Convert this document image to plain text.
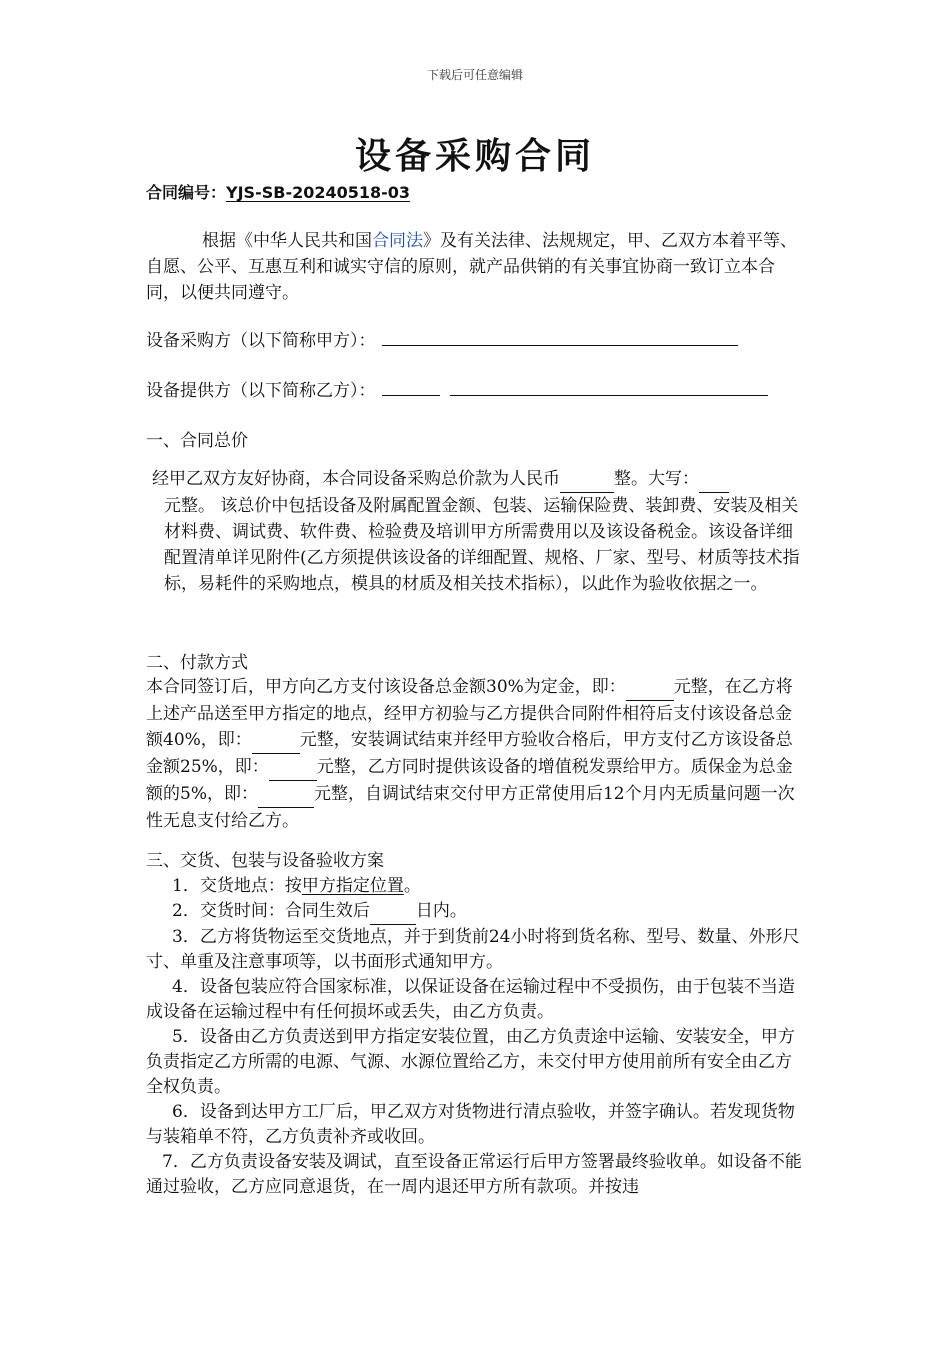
下载后可任意编辑
设备采购合同
合同编号：YJS-SB-20240518-03
根据《中华人民共和国合同法》及有关法律、法规规定，甲、乙双方本着平等、自愿、公平、互惠互利和诚实守信的原则，就产品供销的有关事宜协商一致订立本合同，以便共同遵守。
设备采购方（以下简称甲方）：
设备提供方（以下简称乙方）：
一、合同总价
经甲乙双方友好协商，本合同设备采购总价款为人民币	整。大写：
元整。 该总价中包括设备及附属配置金额、包装、运输保险费、装卸费、安装及相关材料费、调试费、软件费、检验费及培训甲方所需费用以及该设备税金。该设备详细配置清单详见附件(乙方须提供该设备的详细配置、规格、厂家、型号、材质等技术指标，易耗件的采购地点，模具的材质及相关技术指标），以此作为验收依据之一。
二、付款方式
本合同签订后，甲方向乙方支付该设备总金额30%为定金，即：	元整，在乙方将上述产品送至甲方指定的地点，经甲方初验与乙方提供合同附件相符后支付该设备总金额40%，即：	元整，安装调试结束并经甲方验收合格后，甲方支付乙方该设备总金额25%，即：	元整，乙方同时提供该设备的增值税发票给甲方。质保金为总金额的5%，即：	元整，自调试结束交付甲方正常使用后12个月内无质量问题一次性无息支付给乙方。
三、交货、包装与设备验收方案

1．交货地点：按甲方指定位置。

2．交货时间：合同生效后	日内。

3．乙方将货物运至交货地点，并于到货前24小时将到货名称、型号、数量、外形尺寸、单重及注意事项等，以书面形式通知甲方。

4．设备包装应符合国家标准，以保证设备在运输过程中不受损伤，由于包装不当造成设备在运输过程中有任何损坏或丢失，由乙方负责。

5．设备由乙方负责送到甲方指定安装位置，由乙方负责途中运输、安装安全，甲方负责指定乙方所需的电源、气源、水源位置给乙方，未交付甲方使用前所有安全由乙方全权负责。

6．设备到达甲方工厂后，甲乙双方对货物进行清点验收，并签字确认。若发现货物与装箱单不符，乙方负责补齐或收回。

7．乙方负责设备安装及调试，直至设备正常运行后甲方签署最终验收单。如设备不能通过验收，乙方应同意退货，在一周内退还甲方所有款项。并按违
